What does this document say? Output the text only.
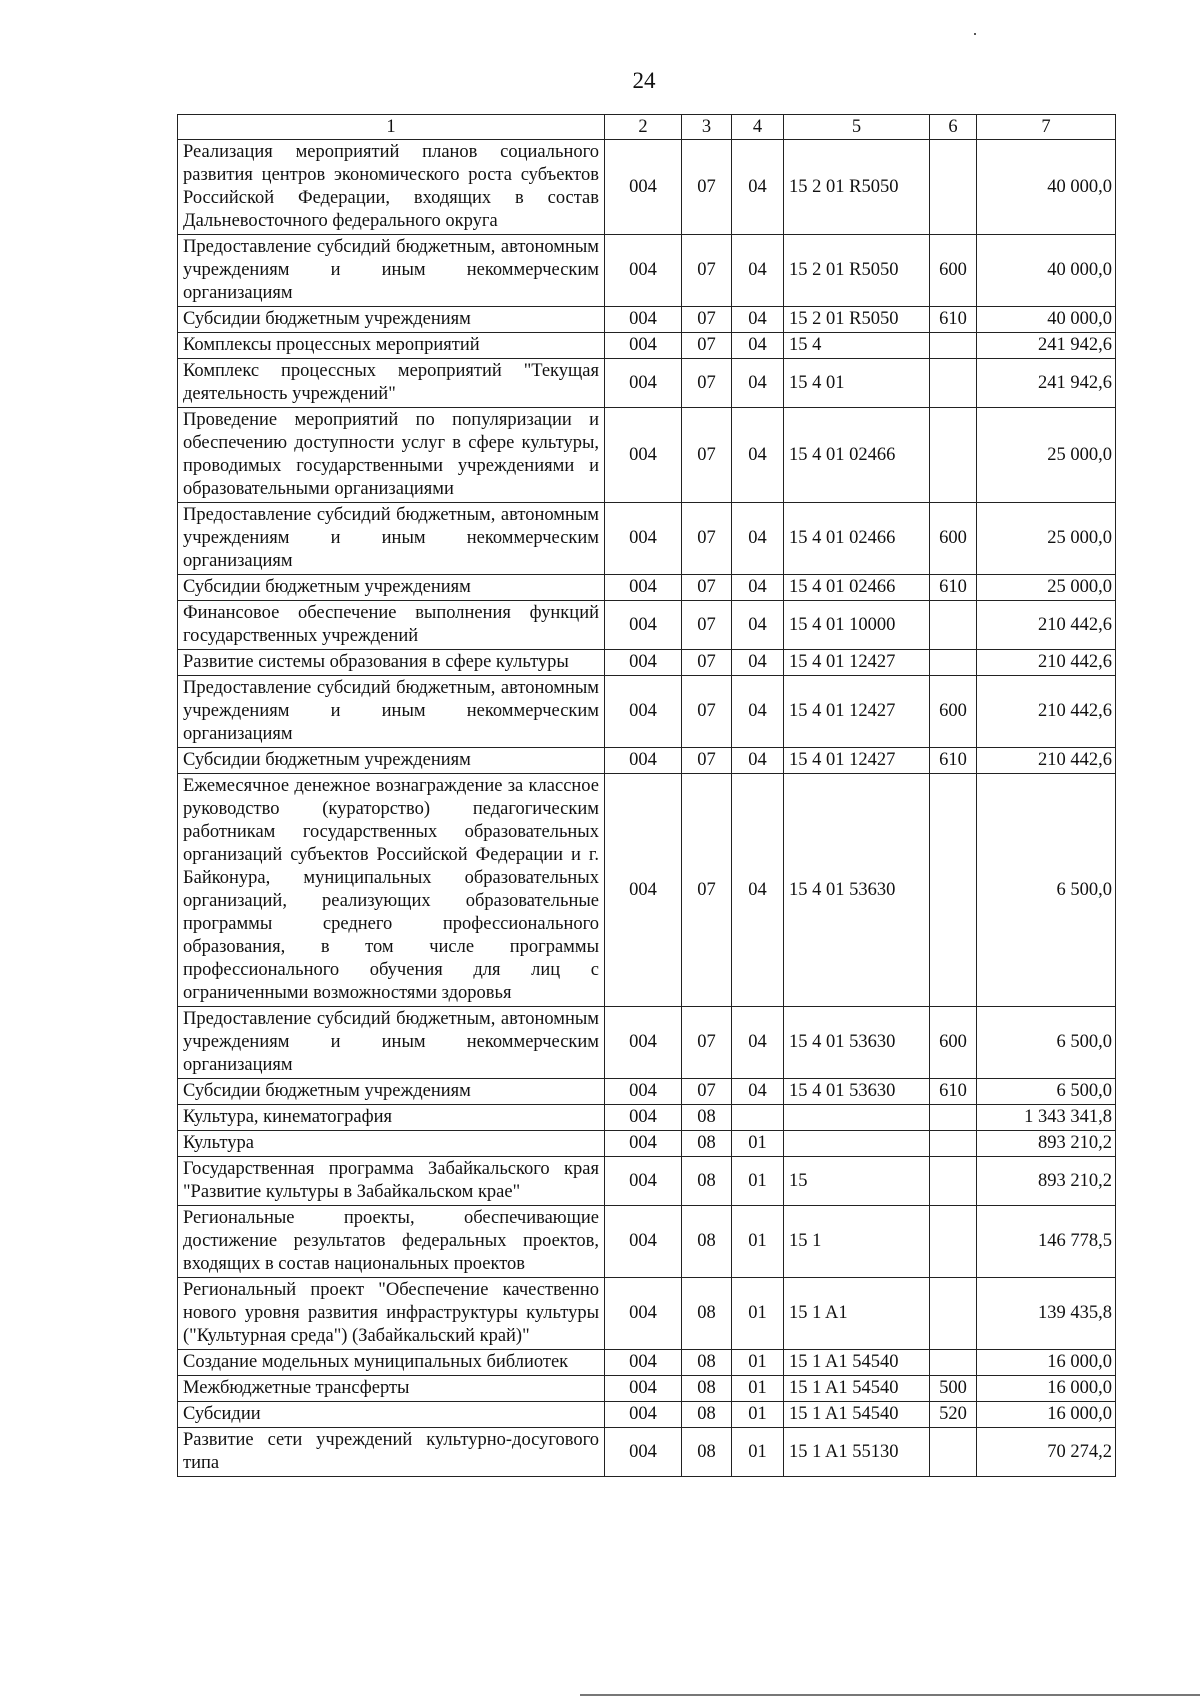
24
1	2	3	4	5	6	7
Реализация мероприятий планов социального развития центров экономического роста субъектов Российской Федерации, входящих в состав Дальневосточного федерального округа	004	07	04	15 2 01 R5050		40 000,0
Предоставление субсидий бюджетным, автономным учреждениям и иным некоммерческим организациям	004	07	04	15 2 01 R5050	600	40 000,0
Субсидии бюджетным учреждениям	004	07	04	15 2 01 R5050	610	40 000,0
Комплексы процессных мероприятий	004	07	04	15 4		241 942,6
Комплекс процессных мероприятий "Текущая деятельность учреждений"	004	07	04	15 4 01		241 942,6
Проведение мероприятий по популяризации и обеспечению доступности услуг в сфере культуры, проводимых государственными учреждениями и образовательными организациями	004	07	04	15 4 01 02466		25 000,0
Предоставление субсидий бюджетным, автономным учреждениям и иным некоммерческим организациям	004	07	04	15 4 01 02466	600	25 000,0
Субсидии бюджетным учреждениям	004	07	04	15 4 01 02466	610	25 000,0
Финансовое обеспечение выполнения функций государственных учреждений	004	07	04	15 4 01 10000		210 442,6
Развитие системы образования в сфере культуры	004	07	04	15 4 01 12427		210 442,6
Предоставление субсидий бюджетным, автономным учреждениям и иным некоммерческим организациям	004	07	04	15 4 01 12427	600	210 442,6
Субсидии бюджетным учреждениям	004	07	04	15 4 01 12427	610	210 442,6
Ежемесячное денежное вознаграждение за классное руководство (кураторство) педагогическим работникам государственных образовательных организаций субъектов Российской Федерации и г. Байконура, муниципальных образовательных организаций, реализующих образовательные программы среднего профессионального образования, в том числе программы профессионального обучения для лиц с ограниченными возможностями здоровья	004	07	04	15 4 01 53630		6 500,0
Предоставление субсидий бюджетным, автономным учреждениям и иным некоммерческим организациям	004	07	04	15 4 01 53630	600	6 500,0
Субсидии бюджетным учреждениям	004	07	04	15 4 01 53630	610	6 500,0
Культура, кинематография	004	08				1 343 341,8
Культура	004	08	01			893 210,2
Государственная программа Забайкальского края "Развитие культуры в Забайкальском крае"	004	08	01	15		893 210,2
Региональные проекты, обеспечивающие достижение результатов федеральных проектов, входящих в состав национальных проектов	004	08	01	15 1		146 778,5
Региональный проект "Обеспечение качественно нового уровня развития инфраструктуры культуры ("Культурная среда") (Забайкальский край)"	004	08	01	15 1 A1		139 435,8
Создание модельных муниципальных библиотек	004	08	01	15 1 A1 54540		16 000,0
Межбюджетные трансферты	004	08	01	15 1 A1 54540	500	16 000,0
Субсидии	004	08	01	15 1 A1 54540	520	16 000,0
Развитие сети учреждений культурно-досугового типа	004	08	01	15 1 A1 55130		70 274,2
